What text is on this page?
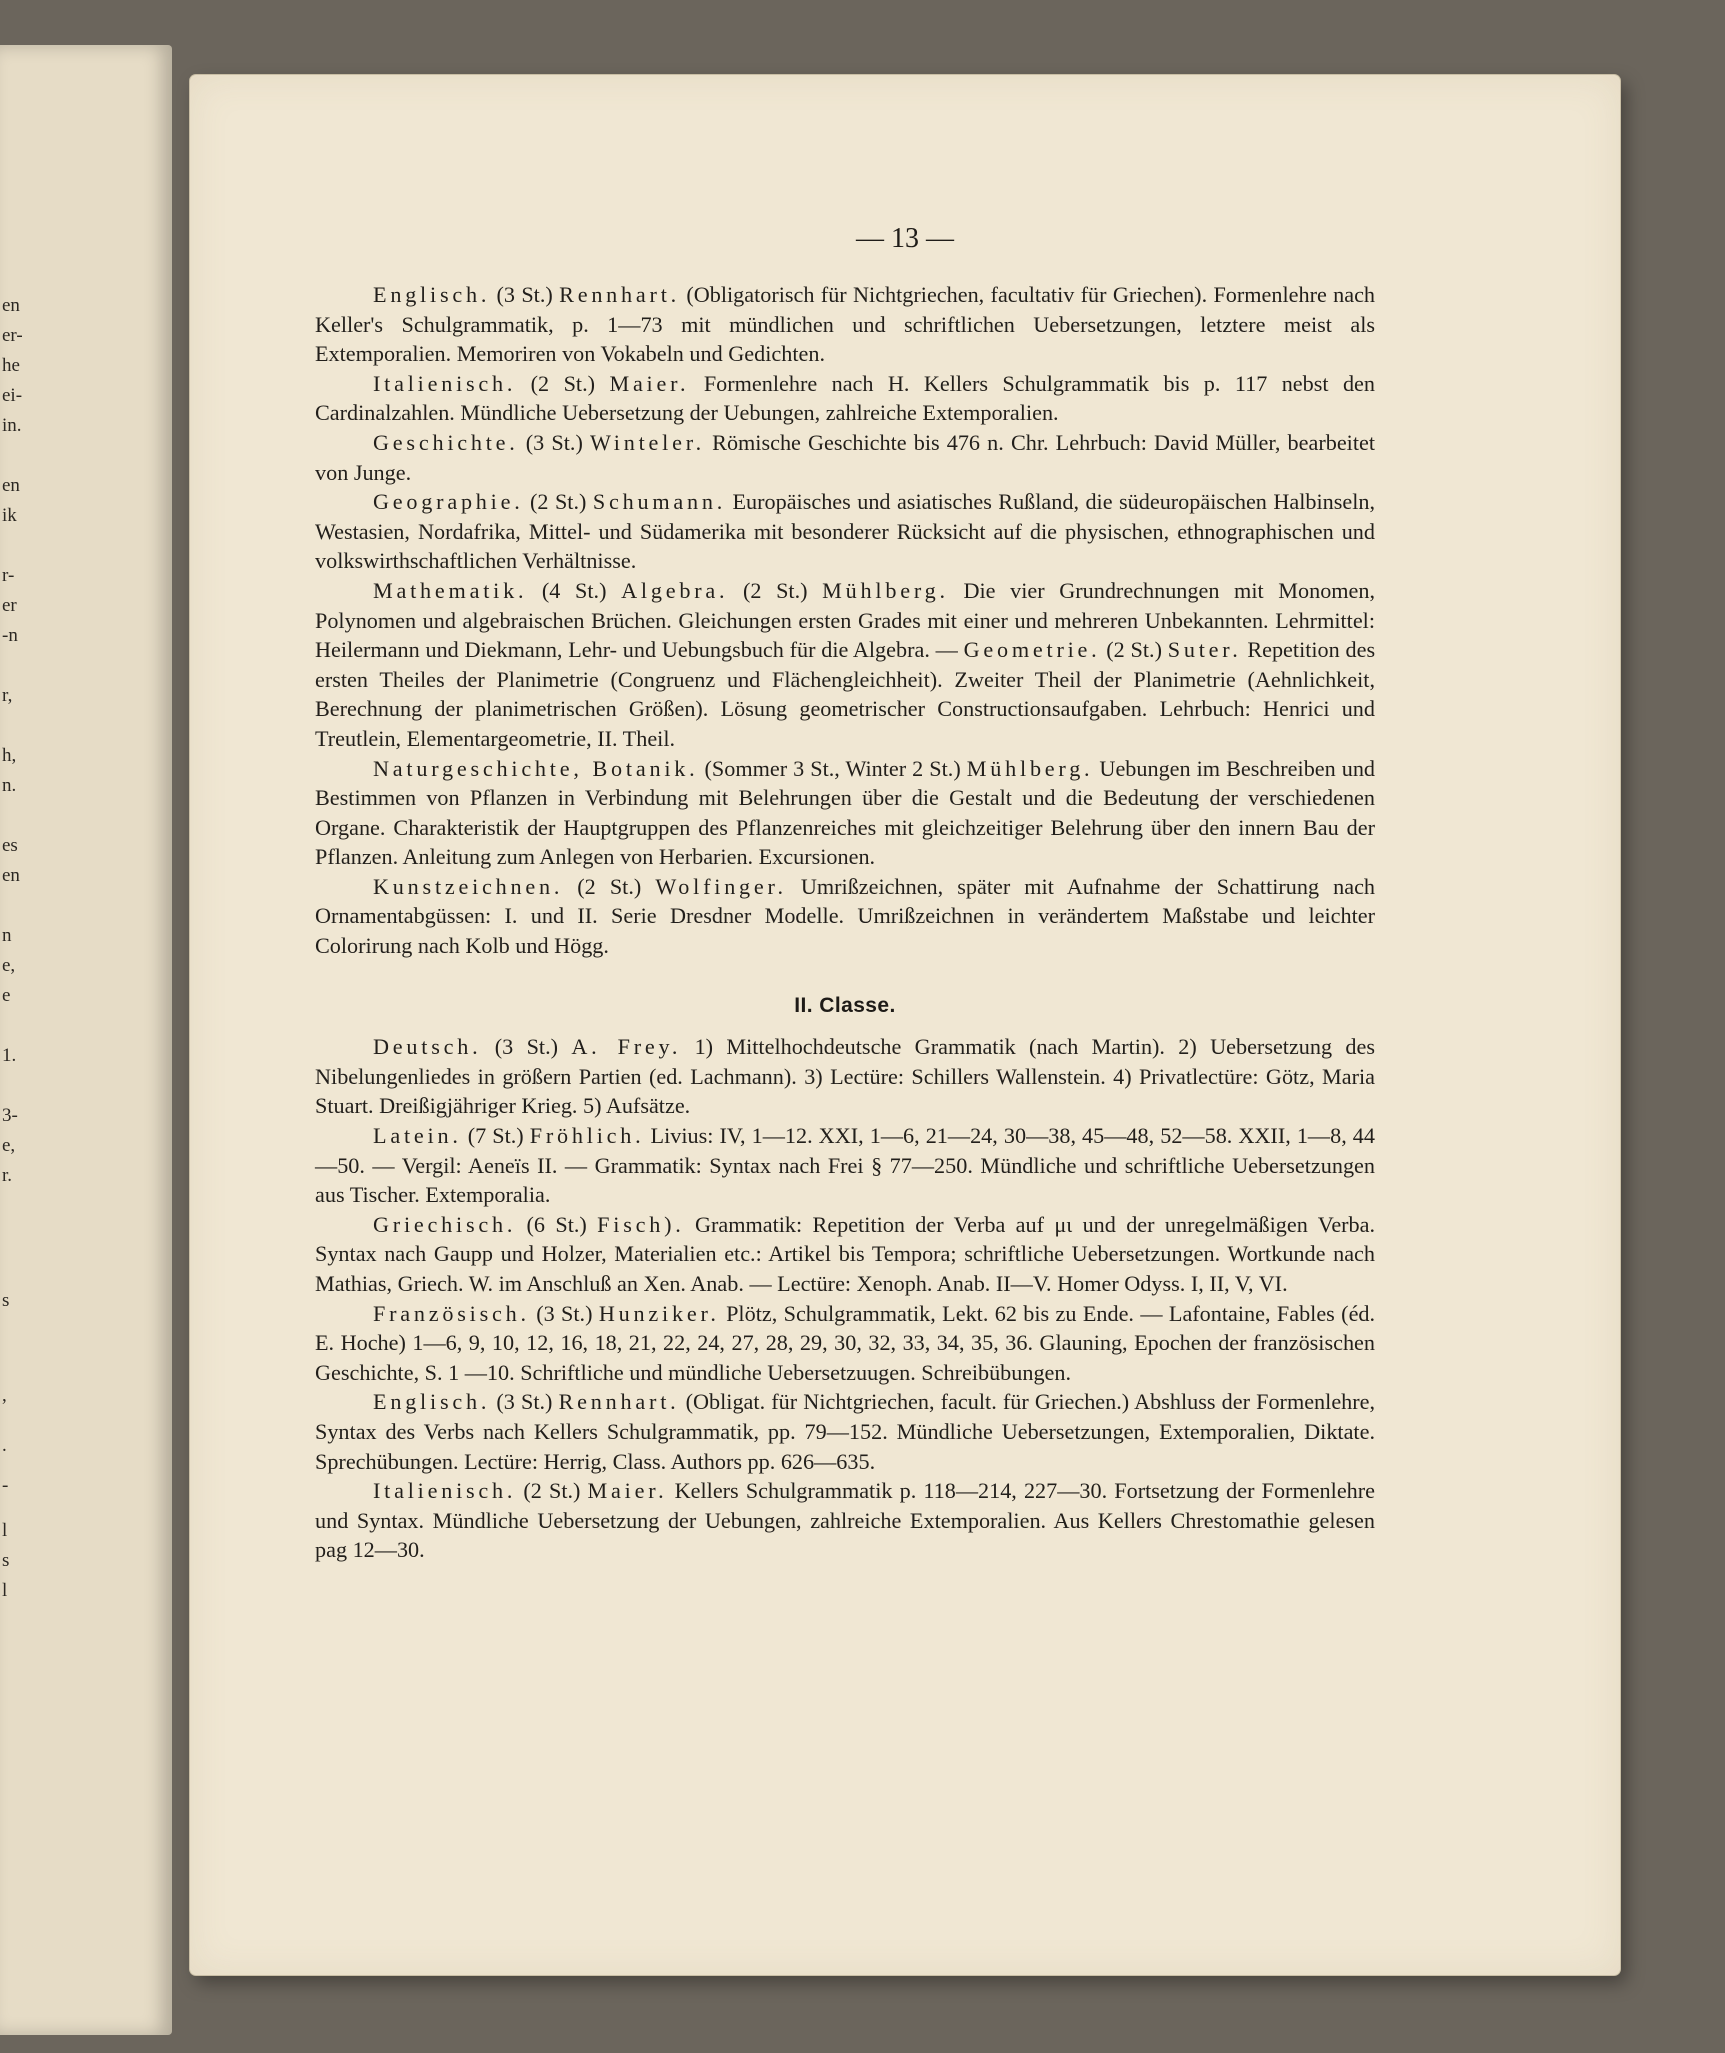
en
er-
he
ei-
in.
en
ik
r-
er
-n
r,
h,
n.
es
en
n
e,
e
1.
3-
e,
r.
s
,
.
-
l
s
l
— 13 —

Englisch. (3 St.) Rennhart. (Obligatorisch für Nichtgriechen, facultativ für Griechen). Formenlehre nach Keller's Schulgrammatik, p. 1—73 mit mündlichen und schriftlichen Uebersetzungen, letztere meist als Extemporalien. Memoriren von Vokabeln und Gedichten.

Italienisch. (2 St.) Maier. Formenlehre nach H. Kellers Schulgrammatik bis p. 117 nebst den Cardinalzahlen. Mündliche Uebersetzung der Uebungen, zahlreiche Extemporalien.

Geschichte. (3 St.) Winteler. Römische Geschichte bis 476 n. Chr. Lehrbuch: David Müller, bearbeitet von Junge.

Geographie. (2 St.) Schumann. Europäisches und asiatisches Rußland, die südeuropäischen Halbinseln, Westasien, Nordafrika, Mittel- und Südamerika mit besonderer Rücksicht auf die physischen, ethnographischen und volkswirthschaftlichen Verhältnisse.

Mathematik. (4 St.) Algebra. (2 St.) Mühlberg. Die vier Grundrechnungen mit Monomen, Polynomen und algebraischen Brüchen. Gleichungen ersten Grades mit einer und mehreren Unbekannten. Lehrmittel: Heilermann und Diekmann, Lehr- und Uebungsbuch für die Algebra. — Geometrie. (2 St.) Suter. Repetition des ersten Theiles der Planimetrie (Congruenz und Flächengleichheit). Zweiter Theil der Planimetrie (Aehnlichkeit, Berechnung der planimetrischen Größen). Lösung geometrischer Constructionsaufgaben. Lehrbuch: Henrici und Treutlein, Elementargeometrie, II. Theil.

Naturgeschichte, Botanik. (Sommer 3 St., Winter 2 St.) Mühlberg. Uebungen im Beschreiben und Bestimmen von Pflanzen in Verbindung mit Belehrungen über die Gestalt und die Bedeutung der verschiedenen Organe. Charakteristik der Hauptgruppen des Pflanzenreiches mit gleichzeitiger Belehrung über den innern Bau der Pflanzen. Anleitung zum Anlegen von Herbarien. Excursionen.

Kunstzeichnen. (2 St.) Wolfinger. Umrißzeichnen, später mit Aufnahme der Schattirung nach Ornamentabgüssen: I. und II. Serie Dresdner Modelle. Umrißzeichnen in verändertem Maßstabe und leichter Colorirung nach Kolb und Högg.

II. Classe.

Deutsch. (3 St.) A. Frey. 1) Mittelhochdeutsche Grammatik (nach Martin). 2) Uebersetzung des Nibelungenliedes in größern Partien (ed. Lachmann). 3) Lectüre: Schillers Wallenstein. 4) Privatlectüre: Götz, Maria Stuart. Dreißigjähriger Krieg. 5) Aufsätze.

Latein. (7 St.) Fröhlich. Livius: IV, 1—12. XXI, 1—6, 21—24, 30—38, 45—48, 52—58. XXII, 1—8, 44—50. — Vergil: Aeneïs II. — Grammatik: Syntax nach Frei § 77—250. Mündliche und schriftliche Uebersetzungen aus Tischer. Extemporalia.

Griechisch. (6 St.) Fisch). Grammatik: Repetition der Verba auf μι und der unregelmäßigen Verba. Syntax nach Gaupp und Holzer, Materialien etc.: Artikel bis Tempora; schriftliche Uebersetzungen. Wortkunde nach Mathias, Griech. W. im Anschluß an Xen. Anab. — Lectüre: Xenoph. Anab. II—V. Homer Odyss. I, II, V, VI.

Französisch. (3 St.) Hunziker. Plötz, Schulgrammatik, Lekt. 62 bis zu Ende. — Lafontaine, Fables (éd. E. Hoche) 1—6, 9, 10, 12, 16, 18, 21, 22, 24, 27, 28, 29, 30, 32, 33, 34, 35, 36. Glauning, Epochen der französischen Geschichte, S. 1 —10. Schriftliche und mündliche Uebersetzuugen. Schreibübungen.

Englisch. (3 St.) Rennhart. (Obligat. für Nichtgriechen, facult. für Griechen.) Abshluss der Formenlehre, Syntax des Verbs nach Kellers Schulgrammatik, pp. 79—152. Mündliche Uebersetzungen, Extemporalien, Diktate. Sprechübungen. Lectüre: Herrig, Class. Authors pp. 626—635.

Italienisch. (2 St.) Maier. Kellers Schulgrammatik p. 118—214, 227—30. Fortsetzung der Formenlehre und Syntax. Mündliche Uebersetzung der Uebungen, zahlreiche Extemporalien. Aus Kellers Chrestomathie gelesen pag 12—30.
